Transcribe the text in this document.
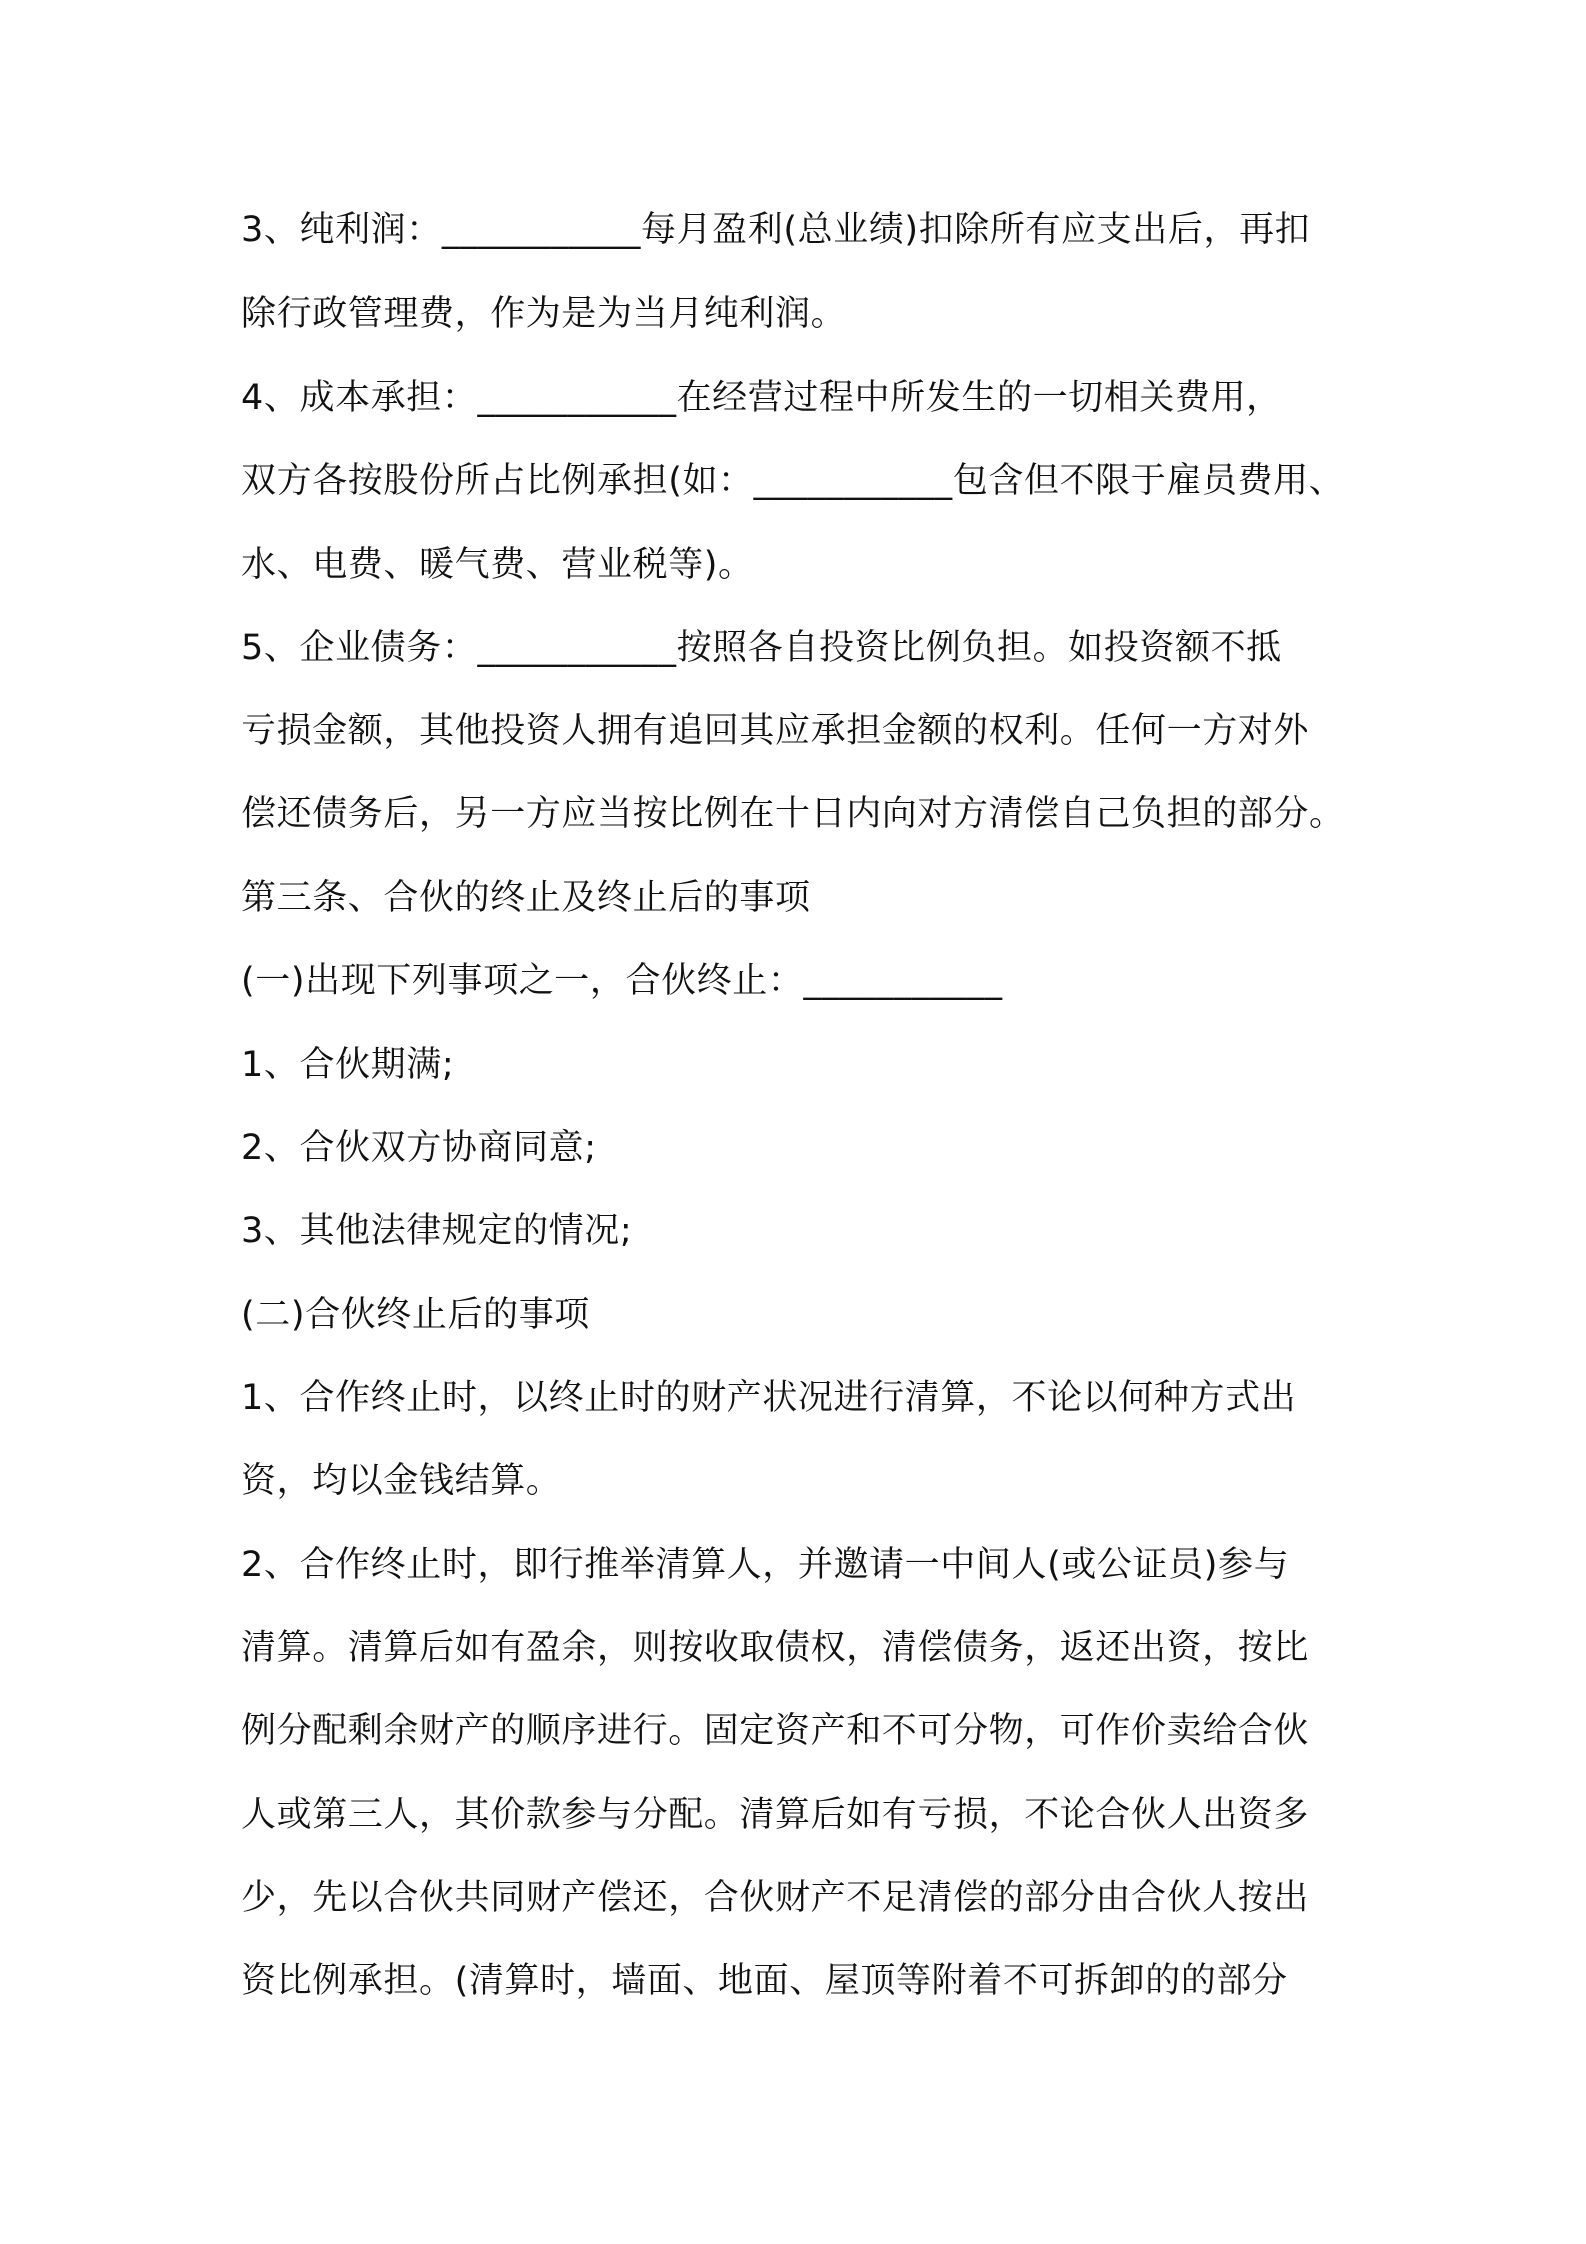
3、纯利润：___________每月盈利(总业绩)扣除所有应支出后，再扣
除行政管理费，作为是为当月纯利润。
4、成本承担：___________在经营过程中所发生的一切相关费用，
双方各按股份所占比例承担(如：___________包含但不限于雇员费用、
水、电费、暖气费、营业税等)。
5、企业债务：___________按照各自投资比例负担。如投资额不抵
亏损金额，其他投资人拥有追回其应承担金额的权利。任何一方对外
偿还债务后，另一方应当按比例在十日内向对方清偿自己负担的部分。
第三条、合伙的终止及终止后的事项
(一)出现下列事项之一，合伙终止：___________
1、合伙期满;
2、合伙双方协商同意;
3、其他法律规定的情况;
(二)合伙终止后的事项
1、合作终止时，以终止时的财产状况进行清算，不论以何种方式出
资，均以金钱结算。
2、合作终止时，即行推举清算人，并邀请一中间人(或公证员)参与
清算。清算后如有盈余，则按收取债权，清偿债务，返还出资，按比
例分配剩余财产的顺序进行。固定资产和不可分物，可作价卖给合伙
人或第三人，其价款参与分配。清算后如有亏损，不论合伙人出资多
少，先以合伙共同财产偿还，合伙财产不足清偿的部分由合伙人按出
资比例承担。(清算时，墙面、地面、屋顶等附着不可拆卸的的部分
